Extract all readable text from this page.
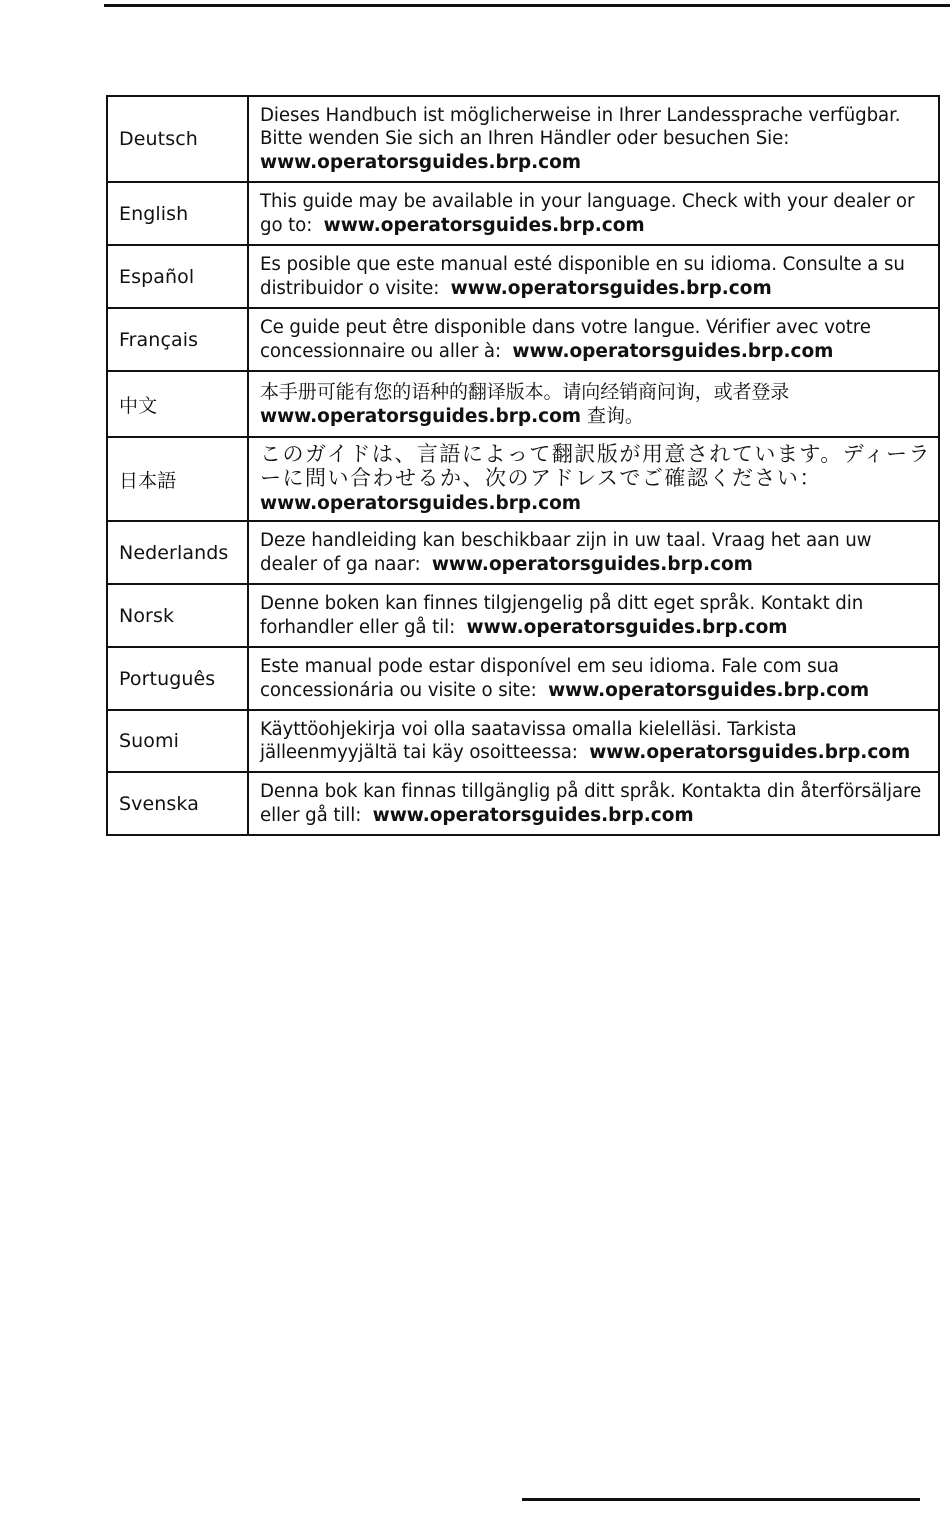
Deutsch	Dieses Handbuch ist möglicherweise in Ihrer Landessprache verfügbar. Bitte wenden Sie sich an Ihren Händler oder besuchen Sie:
www.operatorsguides.brp.com
English	This guide may be available in your language. Check with your dealer or go to: www.operatorsguides.brp.com
Español	Es posible que este manual esté disponible en su idioma. Consulte a su distribuidor o visite: www.operatorsguides.brp.com
Français	Ce guide peut être disponible dans votre langue. Vérifier avec votre concessionnaire ou aller à: www.operatorsguides.brp.com
中文	本手册可能有您的语种的翻译版本。请向经销商问询，或者登录
www.operatorsguides.brp.com 查询。
日本語	このガイドは、言語によって翻訳版が用意されています。ディーラーに問い合わせるか、次のアドレスでご確認ください：
www.operatorsguides.brp.com
Nederlands	Deze handleiding kan beschikbaar zijn in uw taal. Vraag het aan uw dealer of ga naar: www.operatorsguides.brp.com
Norsk	Denne boken kan finnes tilgjengelig på ditt eget språk. Kontakt din forhandler eller gå til: www.operatorsguides.brp.com
Português	Este manual pode estar disponível em seu idioma. Fale com sua concessionária ou visite o site: www.operatorsguides.brp.com
Suomi	Käyttöohjekirja voi olla saatavissa omalla kielelläsi. Tarkista jälleenmyyjältä tai käy osoitteessa: www.operatorsguides.brp.com
Svenska	Denna bok kan finnas tillgänglig på ditt språk. Kontakta din återförsäljare eller gå till: www.operatorsguides.brp.com
